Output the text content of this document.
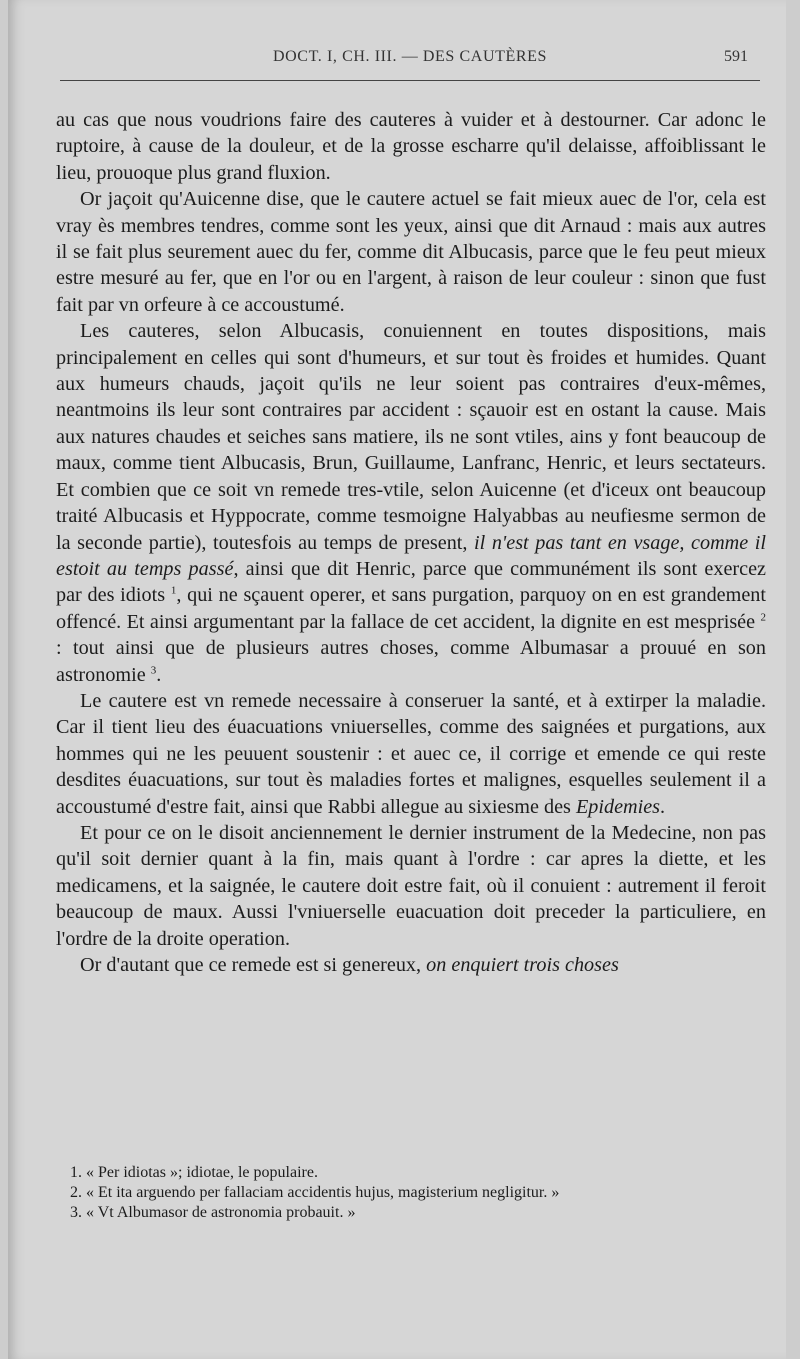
DOCT. I, CH. III. — DES CAUTÈRES	591

au cas que nous voudrions faire des cauteres à vuider et à destourner. Car adonc le ruptoire, à cause de la douleur, et de la grosse escharre qu'il delaisse, affoiblissant le lieu, prouoque plus grand fluxion.

Or jaçoit qu'Auicenne dise, que le cautere actuel se fait mieux auec de l'or, cela est vray ès membres tendres, comme sont les yeux, ainsi que dit Arnaud : mais aux autres il se fait plus seurement auec du fer, comme dit Albucasis, parce que le feu peut mieux estre mesuré au fer, que en l'or ou en l'argent, à raison de leur couleur : sinon que fust fait par vn orfeure à ce accoustumé.

Les cauteres, selon Albucasis, conuiennent en toutes dispositions, mais principalement en celles qui sont d'humeurs, et sur tout ès froides et humides. Quant aux humeurs chauds, jaçoit qu'ils ne leur soient pas contraires d'eux-mêmes, neantmoins ils leur sont contraires par accident : sçauoir est en ostant la cause. Mais aux natures chaudes et seiches sans matiere, ils ne sont vtiles, ains y font beaucoup de maux, comme tient Albucasis, Brun, Guillaume, Lanfranc, Henric, et leurs sectateurs. Et combien que ce soit vn remede tres-vtile, selon Auicenne (et d'iceux ont beaucoup traité Albucasis et Hyppocrate, comme tesmoigne Halyabbas au neufiesme sermon de la seconde partie), toutesfois au temps de present, il n'est pas tant en vsage, comme il estoit au temps passé, ainsi que dit Henric, parce que communément ils sont exercez par des idiots $^1$, qui ne sçauent operer, et sans purgation, parquoy on en est grandement offencé. Et ainsi argumentant par la fallace de cet accident, la dignite en est mesprisée $^2$ : tout ainsi que de plusieurs autres choses, comme Albumasar a prouué en son astronomie $^3$.

Le cautere est vn remede necessaire à conseruer la santé, et à extirper la maladie. Car il tient lieu des éuacuations vniuerselles, comme des saignées et purgations, aux hommes qui ne les peuuent soustenir : et auec ce, il corrige et emende ce qui reste desdites éuacuations, sur tout ès maladies fortes et malignes, esquelles seulement il a accoustumé d'estre fait, ainsi que Rabbi allegue au sixiesme des Epidemies.

Et pour ce on le disoit anciennement le dernier instrument de la Medecine, non pas qu'il soit dernier quant à la fin, mais quant à l'ordre : car apres la diette, et les medicamens, et la saignée, le cautere doit estre fait, où il conuient : autrement il feroit beaucoup de maux. Aussi l'vniuerselle euacuation doit preceder la particuliere, en l'ordre de la droite operation.

Or d'autant que ce remede est si genereux, on enquiert trois choses

1. « Per idiotas »; idiotae, le populaire.
2. « Et ita arguendo per fallaciam accidentis hujus, magisterium negligitur. »
3. « Vt Albumasor de astronomia probauit. »
